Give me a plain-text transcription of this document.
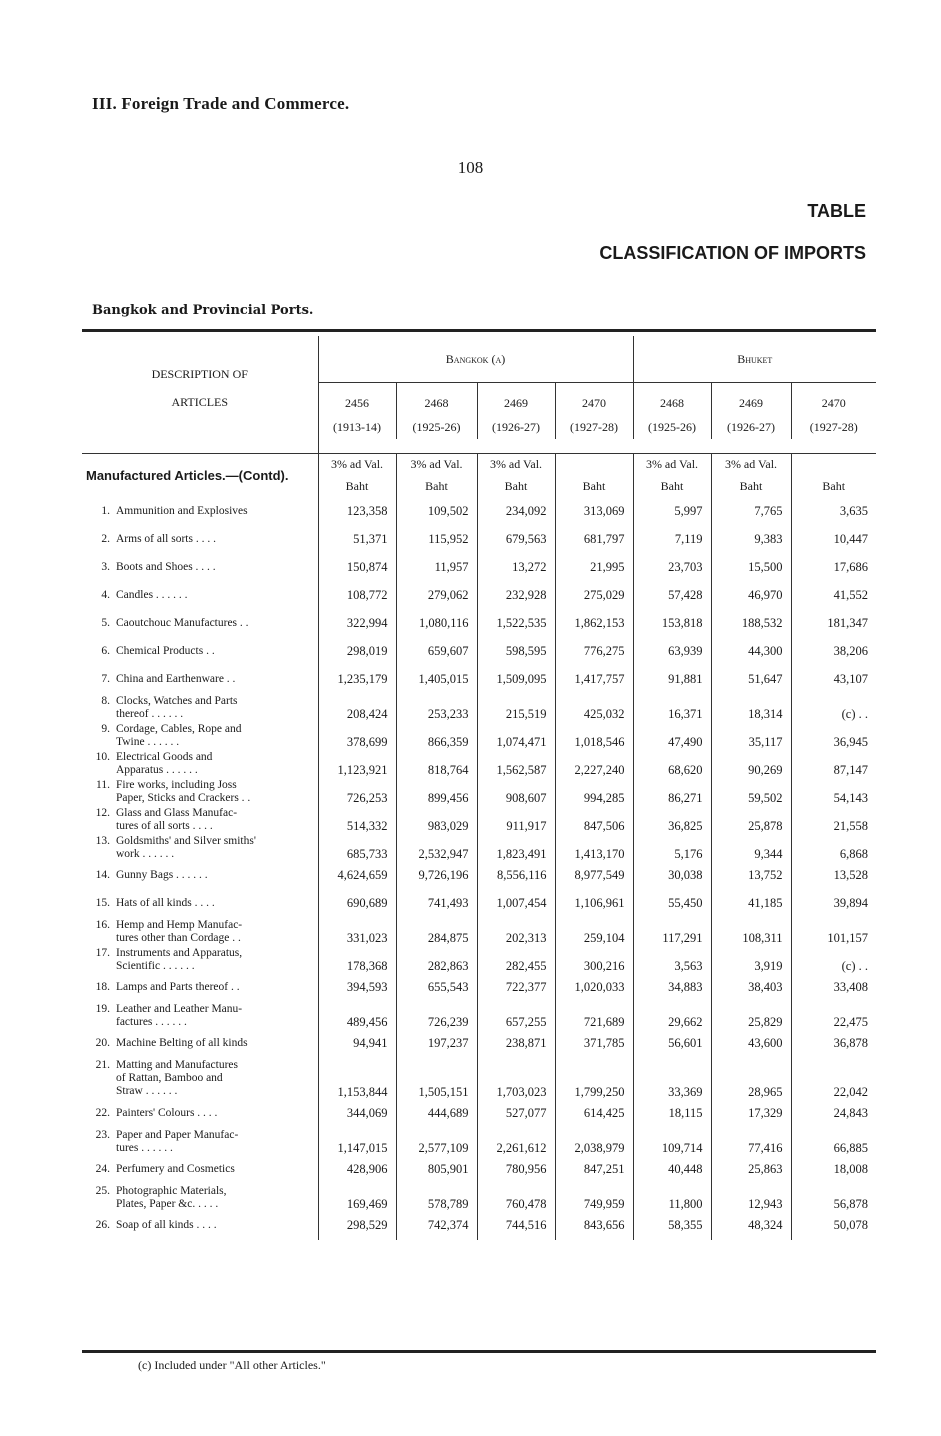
III. Foreign Trade and Commerce.
108
TABLE
CLASSIFICATION OF IMPORTS
Bangkok and Provincial Ports.
DESCRIPTION OF
ARTICLES	Bangkok (a)				Bhuket		
	2456	2468	2469	2470	2468	2469	2470
	(1913-14)	(1925-26)	(1926-27)	(1927-28)	(1925-26)	(1926-27)	(1927-28)

Manufactured Articles.—(Contd).	3% ad Val.	3% ad Val.	3% ad Val.		3% ad Val.	3% ad Val.	
	Baht	Baht	Baht	Baht	Baht	Baht	Baht
1. Ammunition and Explosives	123,358	109,502	234,092	313,069	5,997	7,765	3,635
2. Arms of all sorts . . . .	51,371	115,952	679,563	681,797	7,119	9,383	10,447
3. Boots and Shoes . . . .	150,874	11,957	13,272	21,995	23,703	15,500	17,686
4. Candles . . . . . .	108,772	279,062	232,928	275,029	57,428	46,970	41,552
5. Caoutchouc Manufactures . .	322,994	1,080,116	1,522,535	1,862,153	153,818	188,532	181,347
6. Chemical Products . .	298,019	659,607	598,595	776,275	63,939	44,300	38,206
7. China and Earthenware . .	1,235,179	1,405,015	1,509,095	1,417,757	91,881	51,647	43,107
8. Clocks, Watches and Parts
thereof . . . . . .	208,424	253,233	215,519	425,032	16,371	18,314	(c) . .
9. Cordage, Cables, Rope and
Twine . . . . . .	378,699	866,359	1,074,471	1,018,546	47,490	35,117	36,945
10. Electrical Goods and
Apparatus . . . . . .	1,123,921	818,764	1,562,587	2,227,240	68,620	90,269	87,147
11. Fire works, including Joss
Paper, Sticks and Crackers . .	726,253	899,456	908,607	994,285	86,271	59,502	54,143
12. Glass and Glass Manufac-
tures of all sorts . . . .	514,332	983,029	911,917	847,506	36,825	25,878	21,558
13. Goldsmiths' and Silver smiths'
work . . . . . .	685,733	2,532,947	1,823,491	1,413,170	5,176	9,344	6,868
14. Gunny Bags . . . . . .	4,624,659	9,726,196	8,556,116	8,977,549	30,038	13,752	13,528
15. Hats of all kinds . . . .	690,689	741,493	1,007,454	1,106,961	55,450	41,185	39,894
16. Hemp and Hemp Manufac-
tures other than Cordage . .	331,023	284,875	202,313	259,104	117,291	108,311	101,157
17. Instruments and Apparatus,
Scientific . . . . . .	178,368	282,863	282,455	300,216	3,563	3,919	(c) . .
18. Lamps and Parts thereof . .	394,593	655,543	722,377	1,020,033	34,883	38,403	33,408
19. Leather and Leather Manu-
factures . . . . . .	489,456	726,239	657,255	721,689	29,662	25,829	22,475
20. Machine Belting of all kinds	94,941	197,237	238,871	371,785	56,601	43,600	36,878
21. Matting and Manufactures
of Rattan, Bamboo and
Straw . . . . . .	1,153,844	1,505,151	1,703,023	1,799,250	33,369	28,965	22,042
22. Painters' Colours . . . .	344,069	444,689	527,077	614,425	18,115	17,329	24,843
23. Paper and Paper Manufac-
tures . . . . . .	1,147,015	2,577,109	2,261,612	2,038,979	109,714	77,416	66,885
24. Perfumery and Cosmetics	428,906	805,901	780,956	847,251	40,448	25,863	18,008
25. Photographic Materials,
Plates, Paper &c. . . . .	169,469	578,789	760,478	749,959	11,800	12,943	56,878
26. Soap of all kinds . . . .	298,529	742,374	744,516	843,656	58,355	48,324	50,078
(c) Included under "All other Articles."
